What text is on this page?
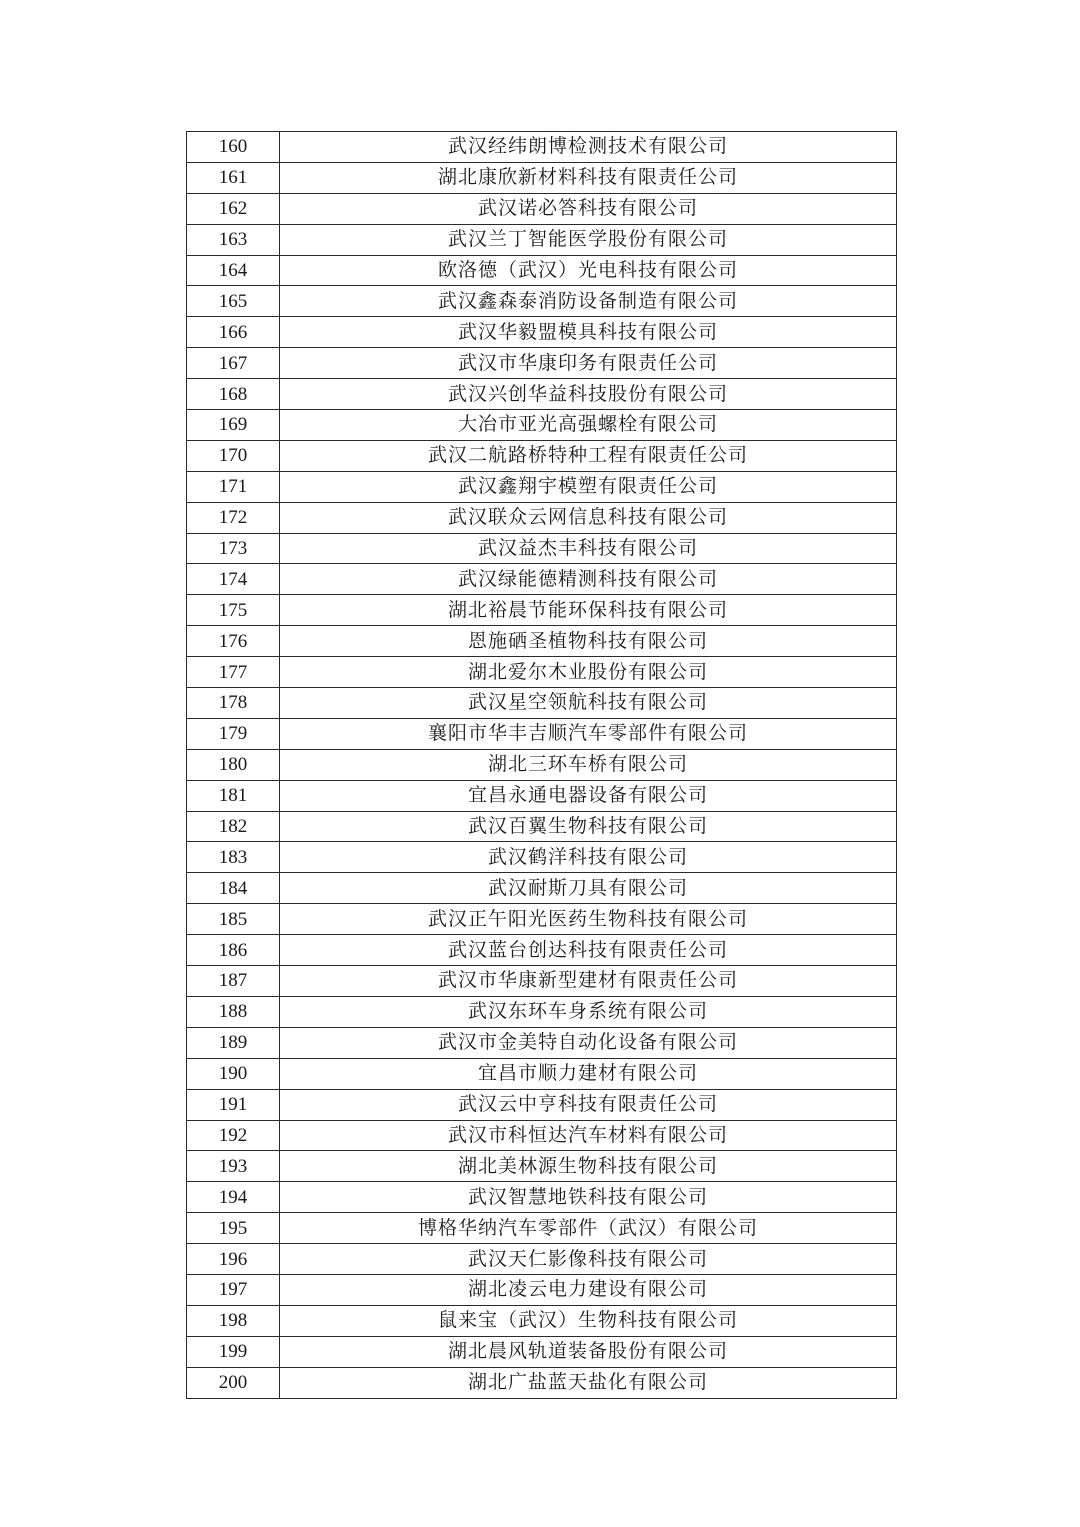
160	武汉经纬朗博检测技术有限公司
161	湖北康欣新材料科技有限责任公司
162	武汉诺必答科技有限公司
163	武汉兰丁智能医学股份有限公司
164	欧洛德（武汉）光电科技有限公司
165	武汉鑫森泰消防设备制造有限公司
166	武汉华毅盟模具科技有限公司
167	武汉市华康印务有限责任公司
168	武汉兴创华益科技股份有限公司
169	大冶市亚光高强螺栓有限公司
170	武汉二航路桥特种工程有限责任公司
171	武汉鑫翔宇模塑有限责任公司
172	武汉联众云网信息科技有限公司
173	武汉益杰丰科技有限公司
174	武汉绿能德精测科技有限公司
175	湖北裕晨节能环保科技有限公司
176	恩施硒圣植物科技有限公司
177	湖北爱尔木业股份有限公司
178	武汉星空领航科技有限公司
179	襄阳市华丰吉顺汽车零部件有限公司
180	湖北三环车桥有限公司
181	宜昌永通电器设备有限公司
182	武汉百翼生物科技有限公司
183	武汉鹤洋科技有限公司
184	武汉耐斯刀具有限公司
185	武汉正午阳光医药生物科技有限公司
186	武汉蓝台创达科技有限责任公司
187	武汉市华康新型建材有限责任公司
188	武汉东环车身系统有限公司
189	武汉市金美特自动化设备有限公司
190	宜昌市顺力建材有限公司
191	武汉云中亨科技有限责任公司
192	武汉市科恒达汽车材料有限公司
193	湖北美林源生物科技有限公司
194	武汉智慧地铁科技有限公司
195	博格华纳汽车零部件（武汉）有限公司
196	武汉天仁影像科技有限公司
197	湖北凌云电力建设有限公司
198	鼠来宝（武汉）生物科技有限公司
199	湖北晨风轨道装备股份有限公司
200	湖北广盐蓝天盐化有限公司
